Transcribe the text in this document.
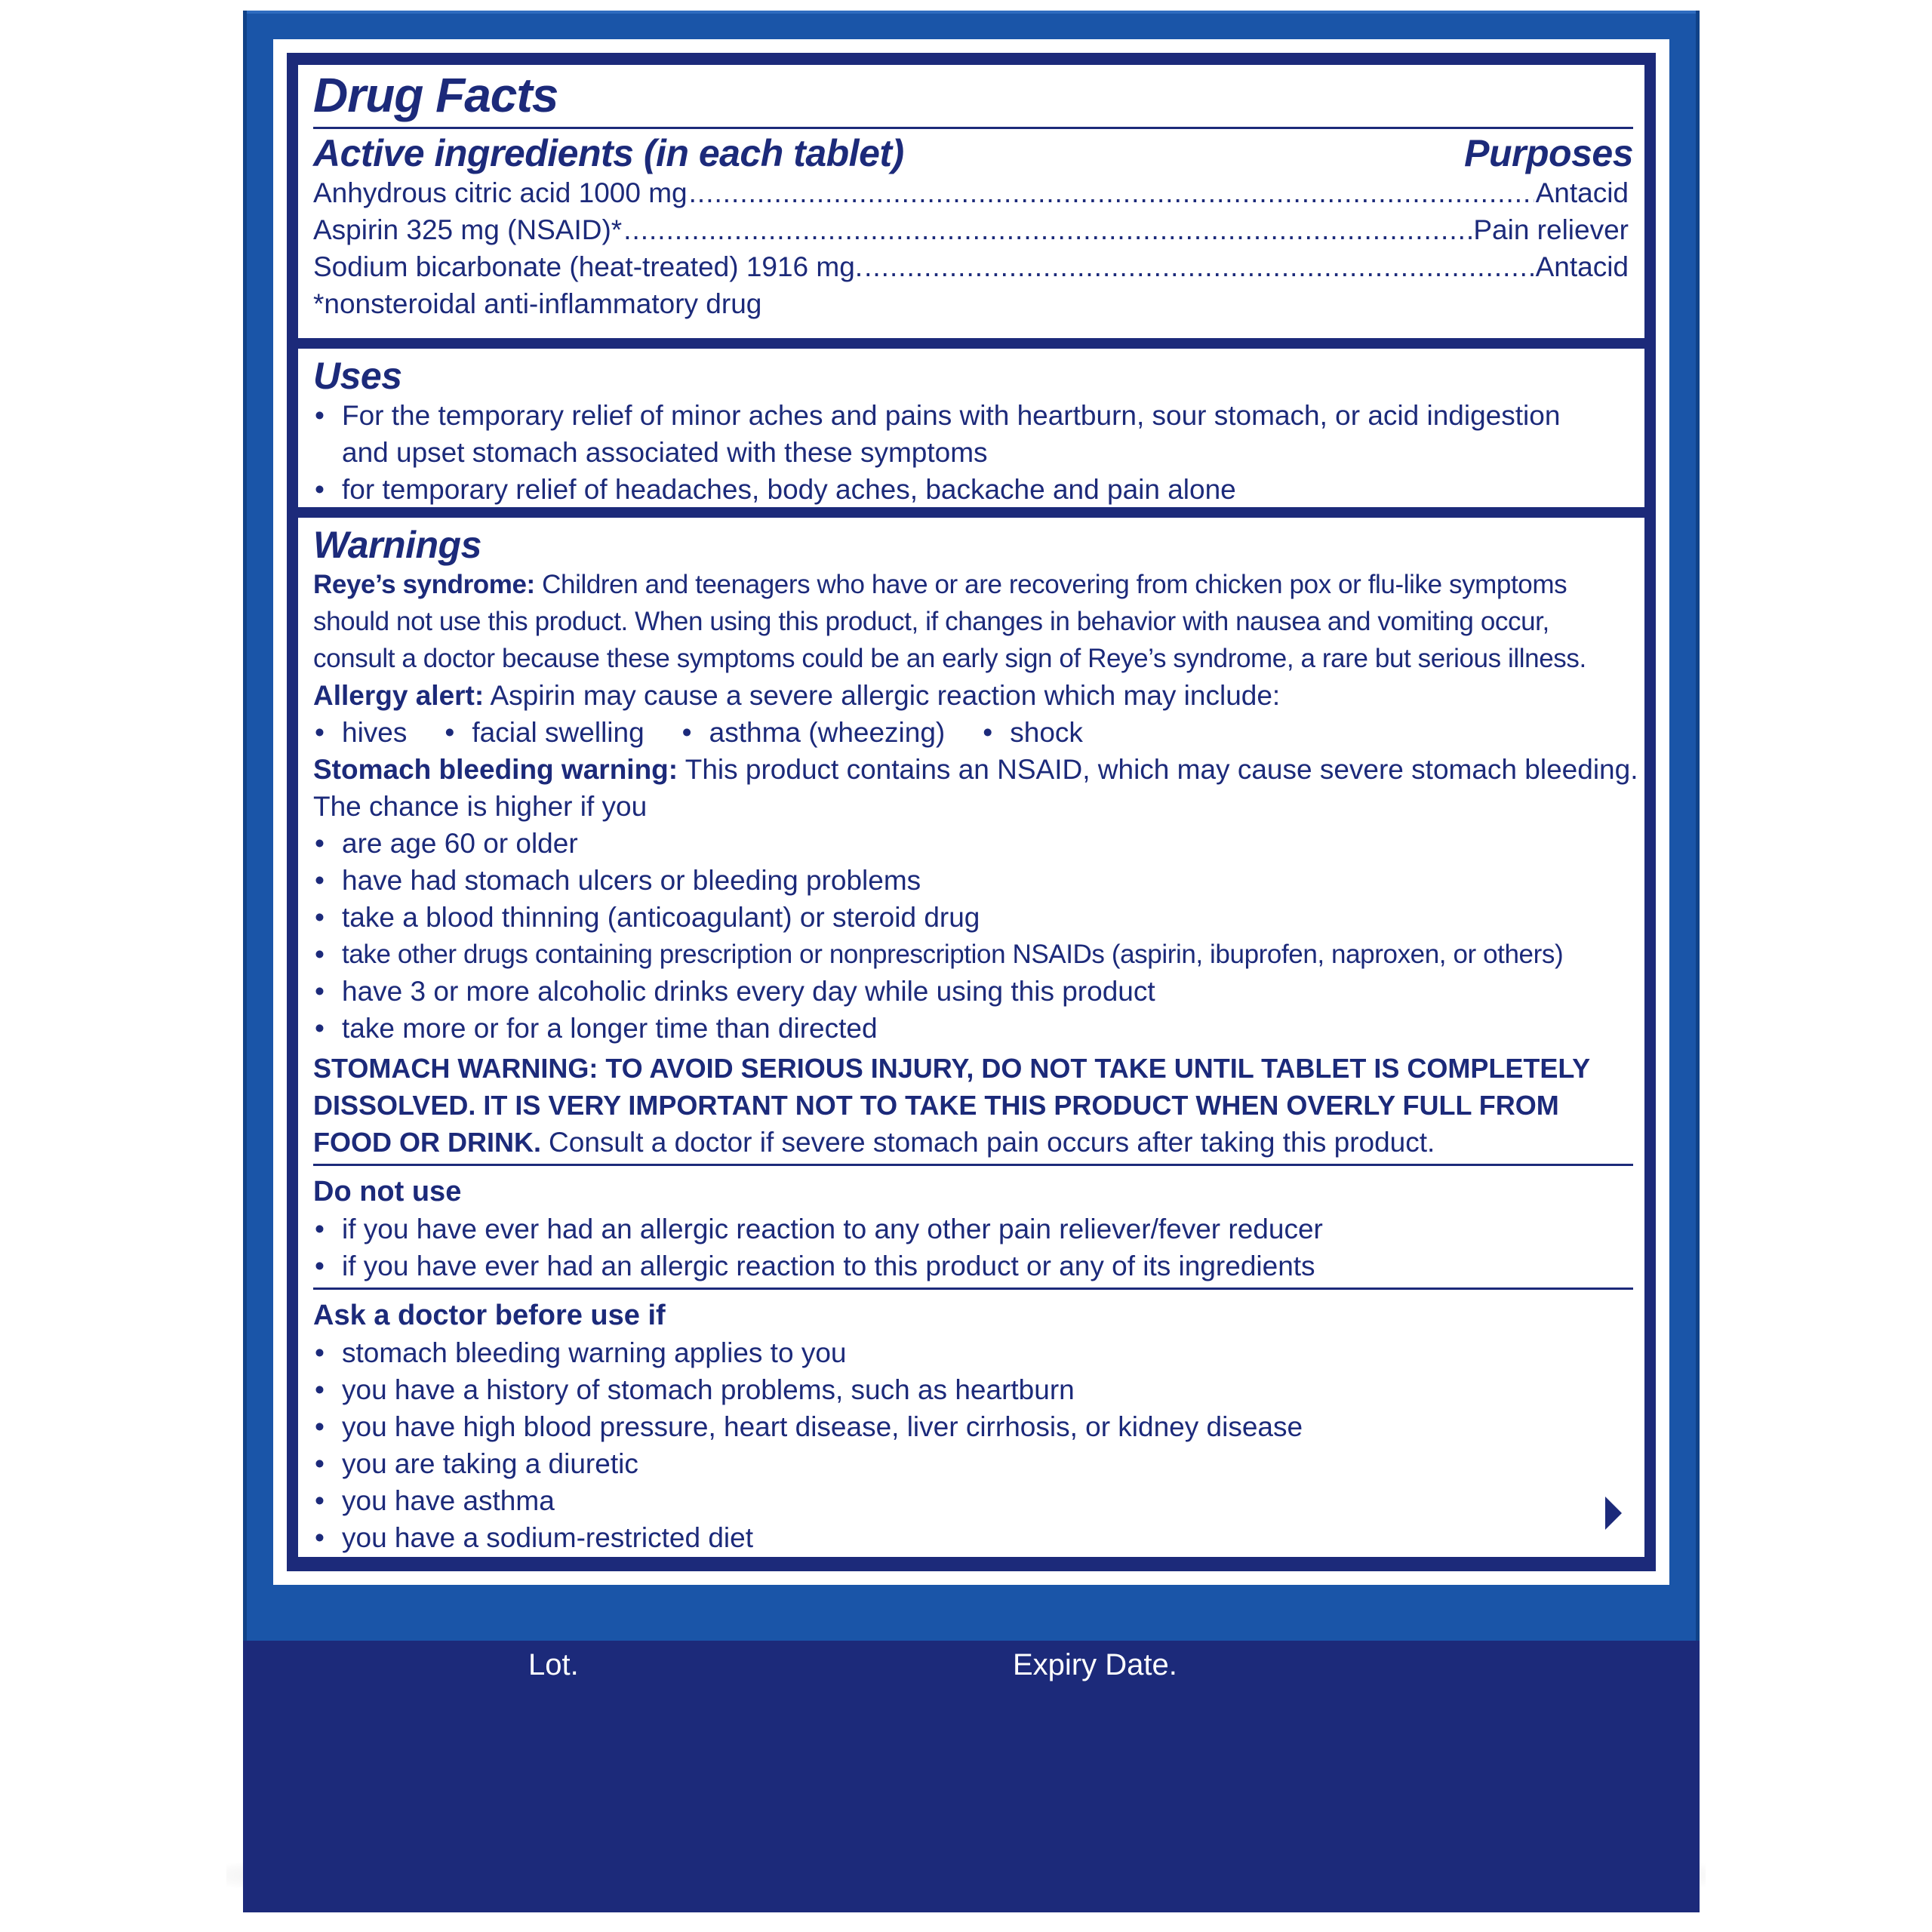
Drug Facts
Active ingredients (in each tablet)	Purposes
Anhydrous citric acid 1000 mg .....	Antacid
Aspirin 325 mg (NSAID)* .....	Pain reliever
Sodium bicarbonate (heat-treated) 1916 mg. .....	Antacid
*nonsteroidal anti-inflammatory drug
Uses
• For the temporary relief of minor aches and pains with heartburn, sour stomach, or acid indigestion and upset stomach associated with these symptoms
• for temporary relief of headaches, body aches, backache and pain alone
Warnings
Reye’s syndrome: Children and teenagers who have or are recovering from chicken pox or flu-like symptoms should not use this product. When using this product, if changes in behavior with nausea and vomiting occur, consult a doctor because these symptoms could be an early sign of Reye’s syndrome, a rare but serious illness.
Allergy alert: Aspirin may cause a severe allergic reaction which may include:
• hives	• facial swelling	• asthma (wheezing)	• shock
Stomach bleeding warning: This product contains an NSAID, which may cause severe stomach bleeding.
The chance is higher if you
• are age 60 or older
• have had stomach ulcers or bleeding problems
• take a blood thinning (anticoagulant) or steroid drug
• take other drugs containing prescription or nonprescription NSAIDs (aspirin, ibuprofen, naproxen, or others)
• have 3 or more alcoholic drinks every day while using this product
• take more or for a longer time than directed
STOMACH WARNING: TO AVOID SERIOUS INJURY, DO NOT TAKE UNTIL TABLET IS COMPLETELY DISSOLVED. IT IS VERY IMPORTANT NOT TO TAKE THIS PRODUCT WHEN OVERLY FULL FROM FOOD OR DRINK. Consult a doctor if severe stomach pain occurs after taking this product.
Do not use
• if you have ever had an allergic reaction to any other pain reliever/fever reducer
• if you have ever had an allergic reaction to this product or any of its ingredients
Ask a doctor before use if
• stomach bleeding warning applies to you
• you have a history of stomach problems, such as heartburn
• you have high blood pressure, heart disease, liver cirrhosis, or kidney disease
• you are taking a diuretic
• you have asthma
• you have a sodium-restricted diet
Lot.	Expiry Date.
